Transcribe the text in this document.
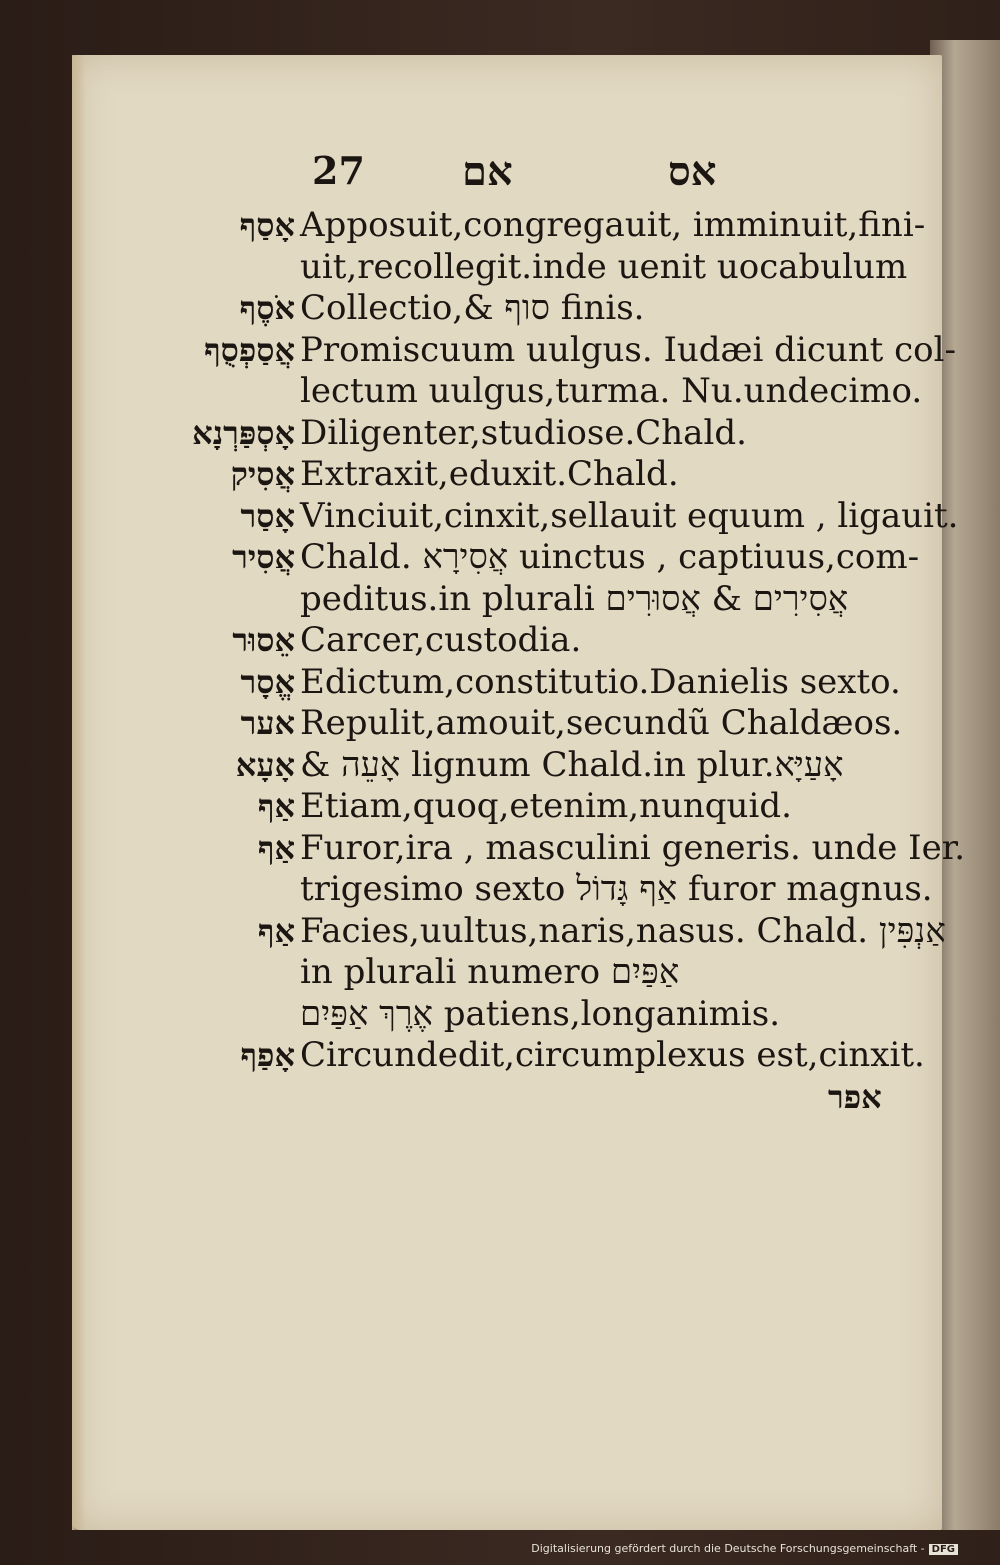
27 אם	אס
אָסַף Apposuit,congregauit, imminuit,fini-
uit,recollegit.inde uenit uocabulum
אֹסֶף Collectio,& סוף finis.
אֲסַפְסֻף Promiscuum uulgus. Iudæi dicunt col-
lectum uulgus,turma. Nu.undecimo.
אָסְפַּרְנָא Diligenter,studiose.Chald.
אֲסִיק Extraxit,eduxit.Chald.
אָסַר Vinciuit,cinxit,sellauit equum , ligauit.
אֲסִיר Chald. אֲסִירָא uinctus , captiuus,com-
peditus.in plurali אֲסִירִים & אֲסוּרִים
אֵסוּר Carcer,custodia.
אֱסָר Edictum,constitutio.Danielis sexto.
אער Repulit,amouit,secundũ Chaldæos.
אָעָא & אָעֵה lignum Chald.in plur.אָעַיָּא
אַף Etiam,quoq,etenim,nunquid.
אַף Furor,ira , masculini generis. unde Ier.
trigesimo sexto אַף גָּדוֹל furor magnus.
אַף Facies,uultus,naris,nasus. Chald. אַנְפִּין
in plurali numero אַפַּיִם
אֶרֶךְ אַפַּיִם patiens,longanimis.
אָפַף Circundedit,circumplexus est,cinxit.
אפר
Digitalisierung gefördert durch die Deutsche Forschungsgemeinschaft - DFG
